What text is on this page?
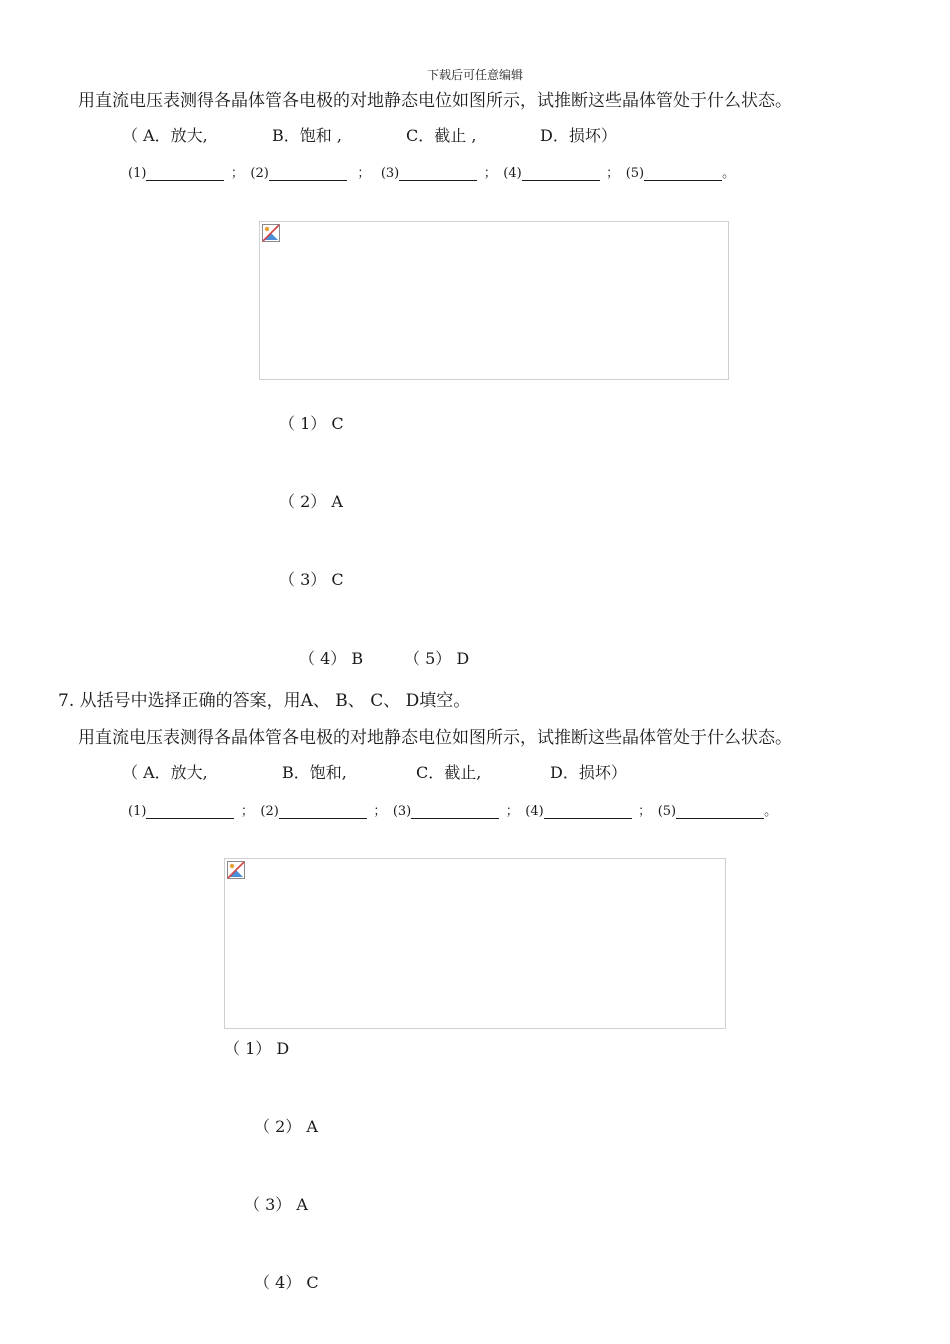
下载后可任意编辑
用直流电压表测得各晶体管各电极的对地静态电位如图所示，试推断这些晶体管处于什么状态。
（ A．放大,	B．饱和 ,	C．截止 ,	D．损坏）
(1)	； (2)	； (3)	； (4)	； (5)	。
（ 1） C
（ 2） A
（ 3） C
（ 4） B	（ 5） D
7. 从括号中选择正确的答案，用A、 B、 C、 D填空。
用直流电压表测得各晶体管各电极的对地静态电位如图所示，试推断这些晶体管处于什么状态。
（ A．放大,	B．饱和,	C．截止,	D．损坏）
(1)	； (2)	； (3)	； (4)	； (5)	。
（ 1） D
（ 2） A
（ 3） A
（ 4） C
